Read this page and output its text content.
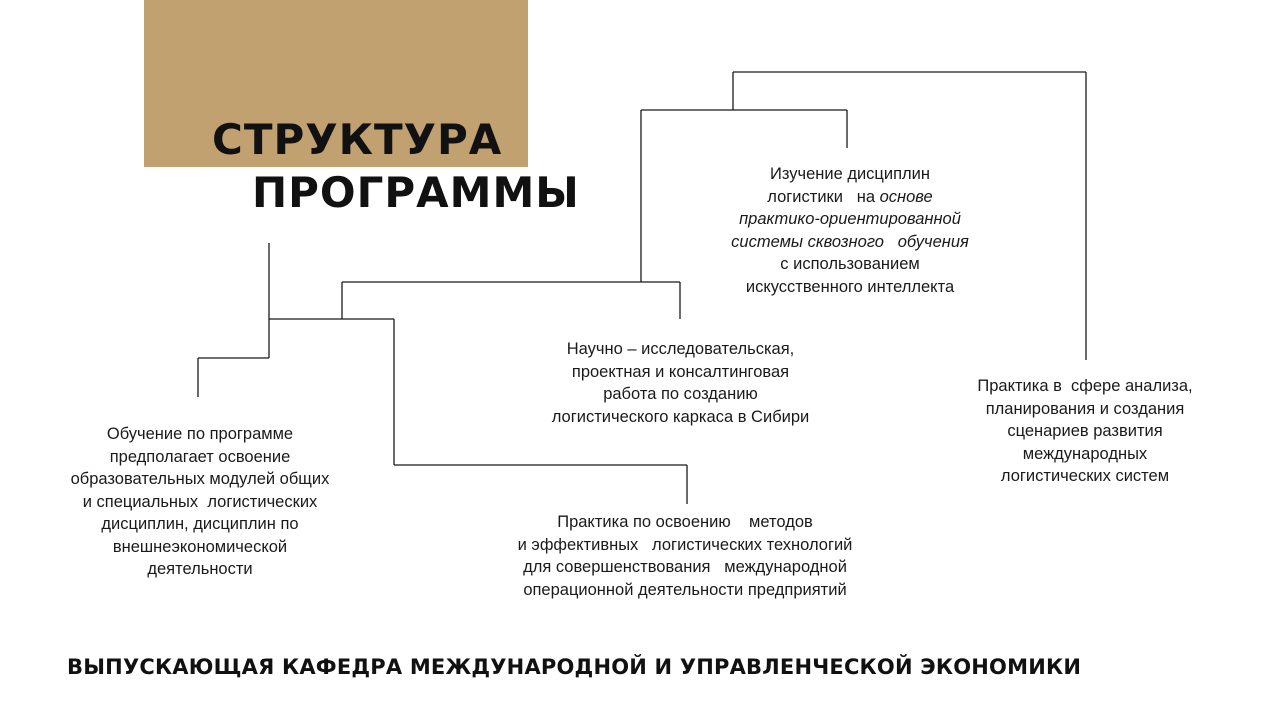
СТРУКТУРА
ПРОГРАММЫ
Обучение по программе
предполагает освоение
образовательных модулей общих
и специальных  логистических
дисциплин, дисциплин по
внешнеэкономической
деятельности
Научно – исследовательская,
проектная и консалтинговая
работа по созданию
логистического каркаса в Сибири
Практика по освоению    методов
и эффективных   логистических технологий
для совершенствования   международной
операционной деятельности предприятий
Изучение дисциплин
логистики   на основе
практико-ориентированной
системы сквозного   обучения
с использованием
искусственного интеллекта
Практика в  сфере анализа,
планирования и создания
сценариев развития
международных
логистических систем

ВЫПУСКАЮЩАЯ КАФЕДРА МЕЖДУНАРОДНОЙ И УПРАВЛЕНЧЕСКОЙ ЭКОНОМИКИ
